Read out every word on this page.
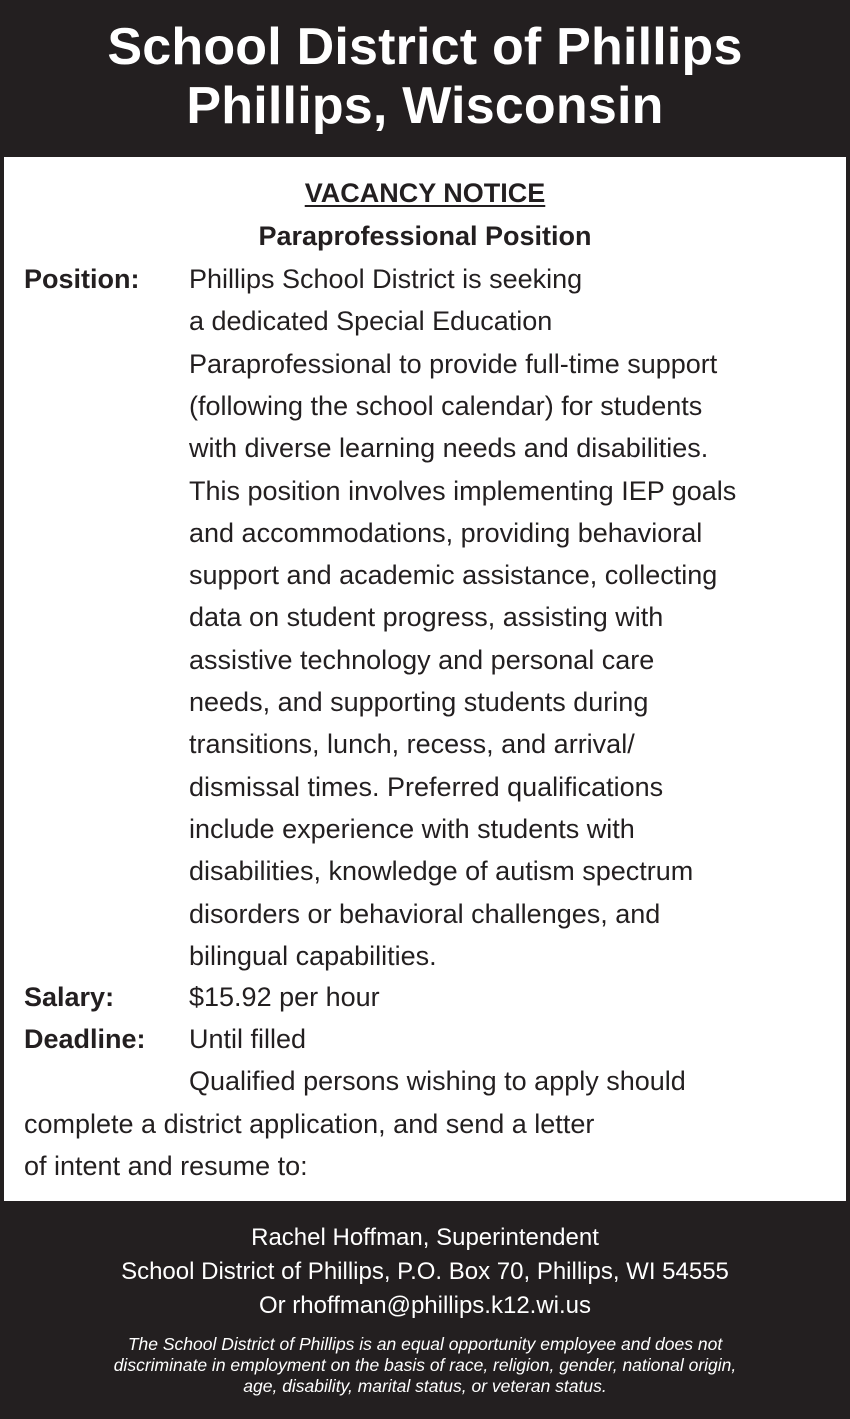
School District of Phillips
Phillips, Wisconsin
VACANCY NOTICE
Paraprofessional Position
Position: Phillips School District is seeking
a dedicated Special Education
Paraprofessional to provide full-time support
(following the school calendar) for students
with diverse learning needs and disabilities.
This position involves implementing IEP goals
and accommodations, providing behavioral
support and academic assistance, collecting
data on student progress, assisting with
assistive technology and personal care
needs, and supporting students during
transitions, lunch, recess, and arrival/
dismissal times. Preferred qualifications
include experience with students with
disabilities, knowledge of autism spectrum
disorders or behavioral challenges, and
bilingual capabilities.
Salary:	$15.92 per hour
Deadline: Until filled
Qualified persons wishing to apply should
complete a district application, and send a letter
of intent and resume to:
Rachel Hoffman, Superintendent
School District of Phillips, P.O. Box 70, Phillips, WI 54555
Or rhoffman@phillips.k12.wi.us
The School District of Phillips is an equal opportunity employee and does not
discriminate in employment on the basis of race, religion, gender, national origin,
age, disability, marital status, or veteran status.
